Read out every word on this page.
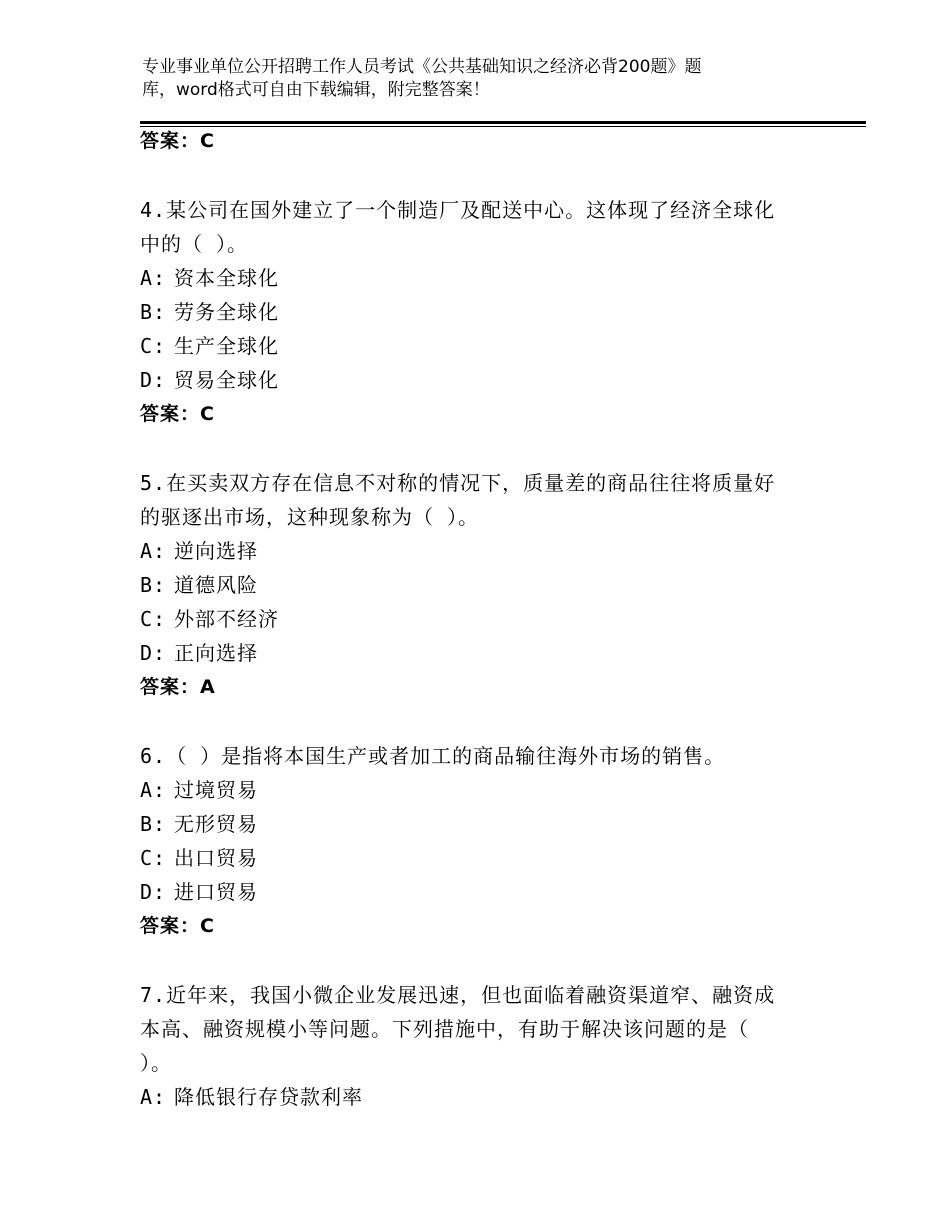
专业事业单位公开招聘工作人员考试《公共基础知识之经济必背200题》题
库，word格式可自由下载编辑，附完整答案！
答案：C
4.某公司在国外建立了一个制造厂及配送中心。这体现了经济全球化
中的（ ）。
A: 资本全球化
B: 劳务全球化
C: 生产全球化
D: 贸易全球化
答案：C
5.在买卖双方存在信息不对称的情况下，质量差的商品往往将质量好
的驱逐出市场，这种现象称为（ ）。
A: 逆向选择
B: 道德风险
C: 外部不经济
D: 正向选择
答案：A
6.（ ）是指将本国生产或者加工的商品输往海外市场的销售。
A: 过境贸易
B: 无形贸易
C: 出口贸易
D: 进口贸易
答案：C
7.近年来，我国小微企业发展迅速，但也面临着融资渠道窄、融资成
本高、融资规模小等问题。下列措施中，有助于解决该问题的是（
）。
A: 降低银行存贷款利率
